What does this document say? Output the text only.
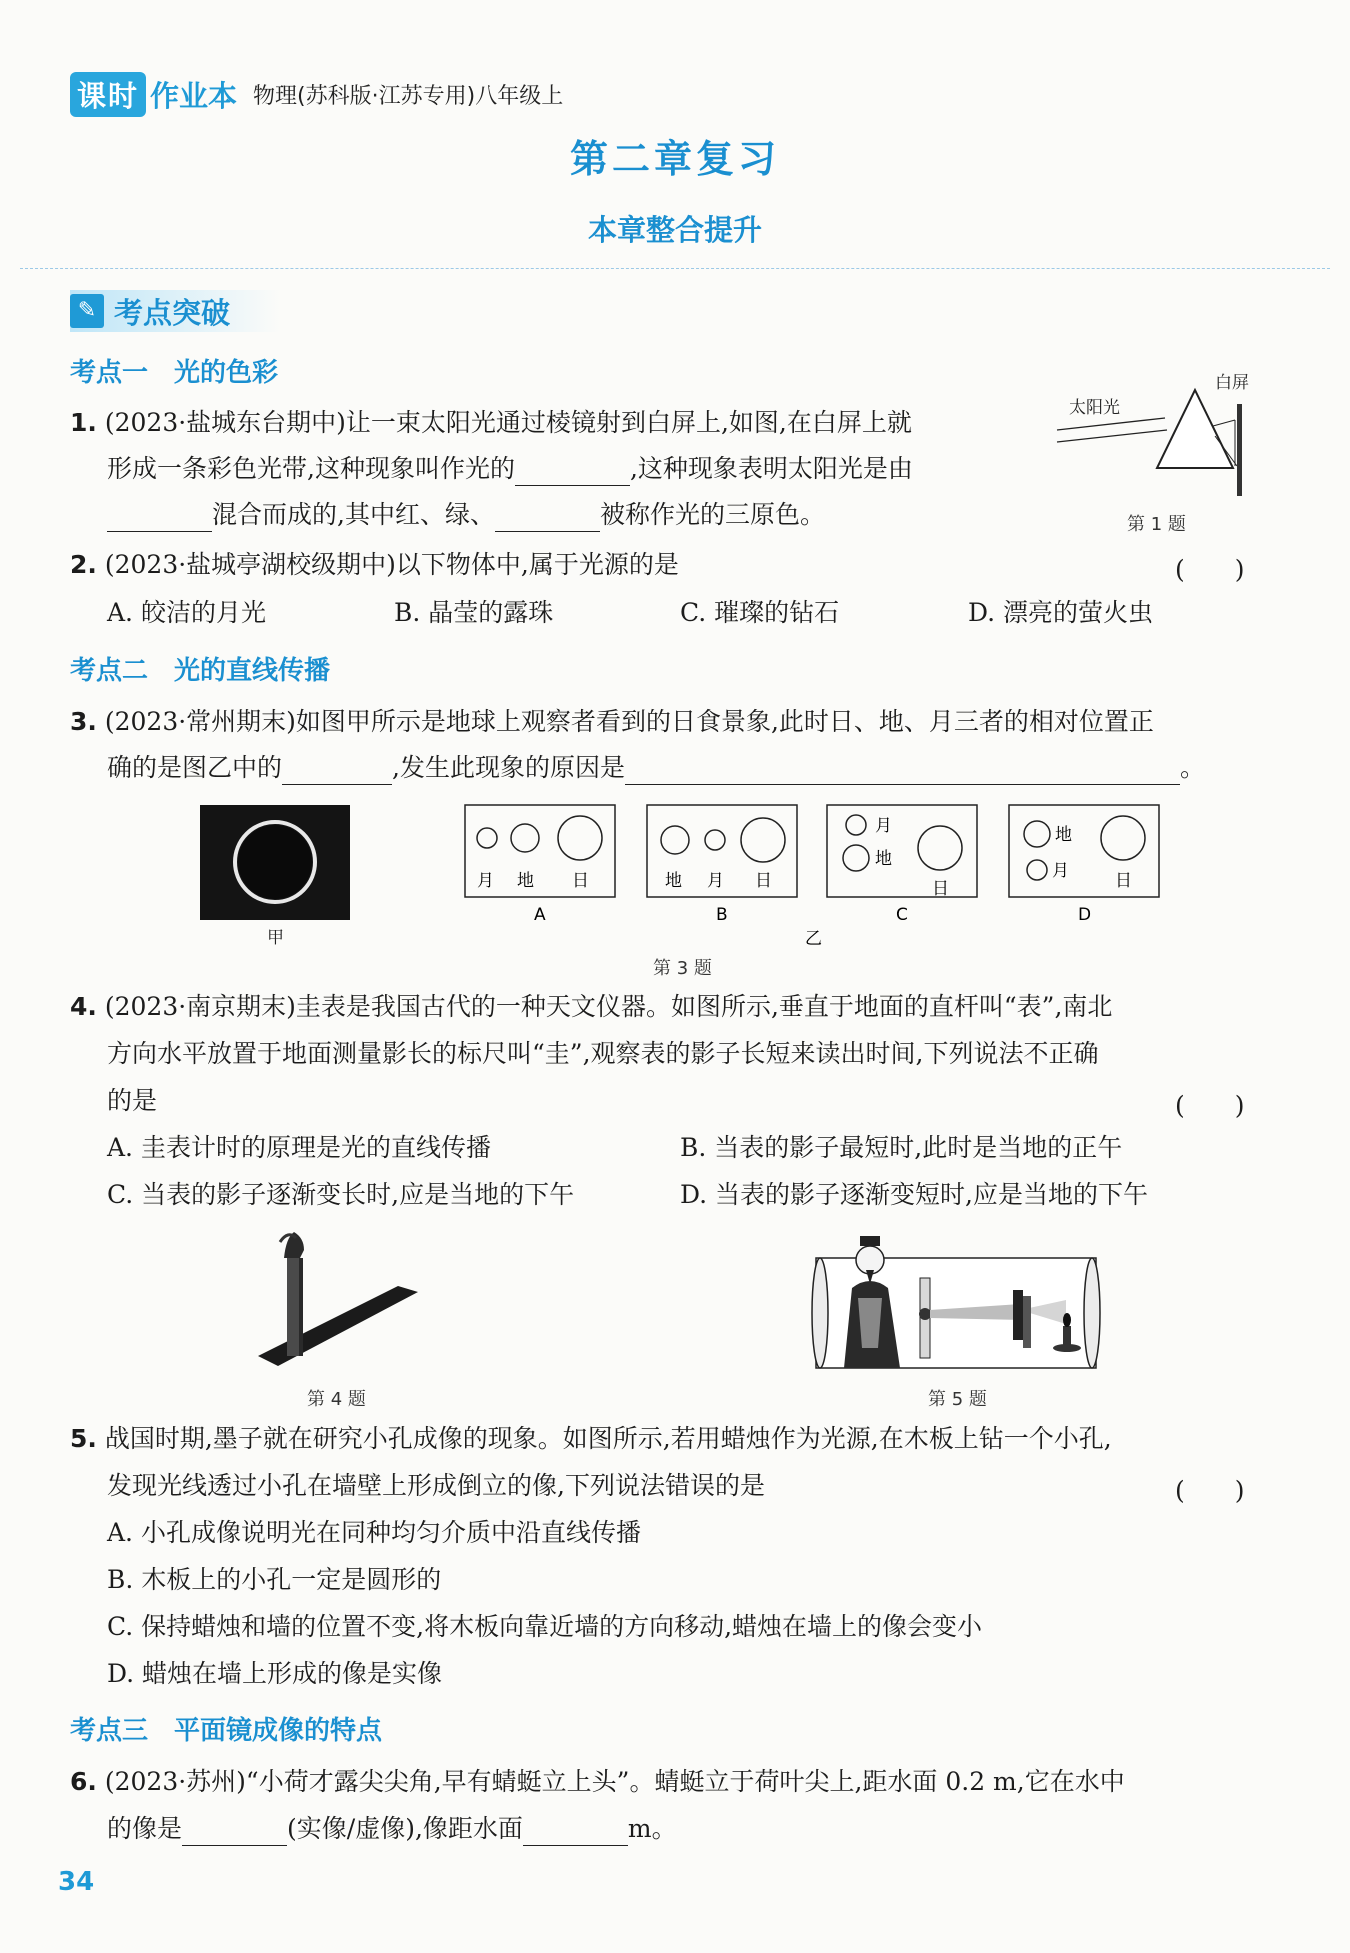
课时 作业本 物理(苏科版·江苏专用)八年级上
第二章复习
本章整合提升
✎ 考点突破
考点一　光的色彩
1. (2023·盐城东台期中)让一束太阳光通过棱镜射到白屏上,如图,在白屏上就
形成一条彩色光带,这种现象叫作光的	,这种现象表明太阳光是由
混合而成的,其中红、绿、	被称作光的三原色。
太阳光
白屏
第 1 题
2. (2023·盐城亭湖校级期中)以下物体中,属于光源的是	(　　)
A. 皎洁的月光	B. 晶莹的露珠	C. 璀璨的钻石	D. 漂亮的萤火虫
考点二　光的直线传播
3. (2023·常州期末)如图甲所示是地球上观察者看到的日食景象,此时日、地、月三者的相对位置正
确的是图乙中的	,发生此现象的原因是	。
甲
月 地 日
A
地 月 日
B
月
地
日
C
地
月	日
D
乙
第 3 题
4. (2023·南京期末)圭表是我国古代的一种天文仪器。如图所示,垂直于地面的直杆叫“表”,南北
方向水平放置于地面测量影长的标尺叫“圭”,观察表的影子长短来读出时间,下列说法不正确
的是	(　　)
A. 圭表计时的原理是光的直线传播	B. 当表的影子最短时,此时是当地的正午
C. 当表的影子逐渐变长时,应是当地的下午	D. 当表的影子逐渐变短时,应是当地的下午
第 4 题	第 5 题
5. 战国时期,墨子就在研究小孔成像的现象。如图所示,若用蜡烛作为光源,在木板上钻一个小孔,
发现光线透过小孔在墙壁上形成倒立的像,下列说法错误的是	(　　)
A. 小孔成像说明光在同种均匀介质中沿直线传播
B. 木板上的小孔一定是圆形的
C. 保持蜡烛和墙的位置不变,将木板向靠近墙的方向移动,蜡烛在墙上的像会变小
D. 蜡烛在墙上形成的像是实像
考点三　平面镜成像的特点
6. (2023·苏州)“小荷才露尖尖角,早有蜻蜓立上头”。蜻蜓立于荷叶尖上,距水面 0.2 m,它在水中
的像是	(实像/虚像),像距水面	m。
34
